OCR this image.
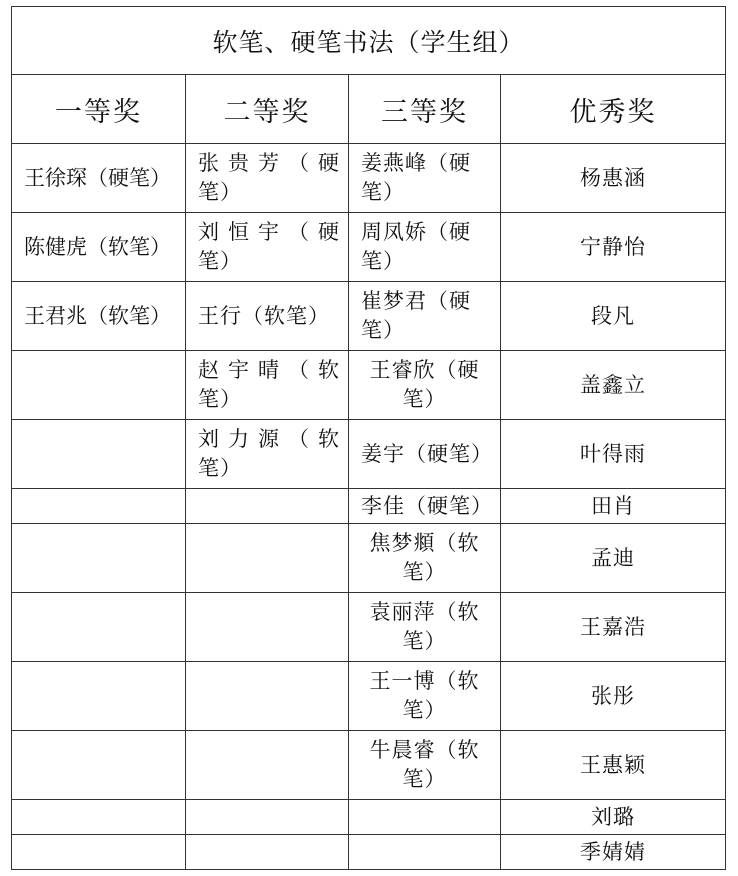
软笔、硬笔书法（学生组）			
一等奖	二等奖	三等奖	优秀奖

王徐琛（硬笔）	张贵芳（硬笔）	姜燕峰（硬笔）	杨惠涵

陈健虎（软笔）	刘恒宇（硬笔）	周凤娇（硬笔）	宁静怡

王君兆（软笔）	王行（软笔）	崔梦君（硬笔）	段凡

	赵宇晴（软笔）	王睿欣（硬笔）	盖鑫立

	刘力源（软笔）	姜宇（硬笔）	叶得雨

		李佳（硬笔）	田肖

		焦梦頫（软笔）	孟迪

		袁丽萍（软笔）	王嘉浩

		王一博（软笔）	张彤

		牛晨睿（软笔）	王惠颖

			刘璐

			季婧婧
